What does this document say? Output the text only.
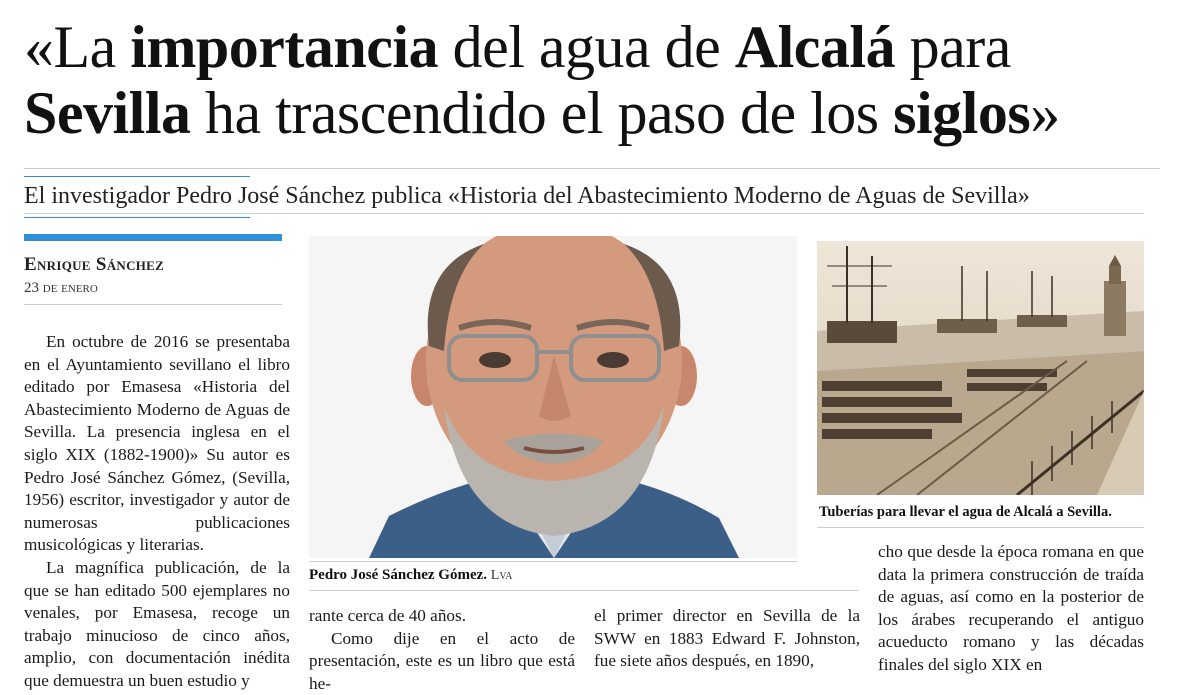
«La importancia del agua de Alcalá para
Sevilla ha trascendido el paso de los siglos»
El investigador Pedro José Sánchez publica «Historia del Abastecimiento Moderno de Aguas de Sevilla»
Enrique Sánchez
23 de enero

En octubre de 2016 se presentaba en el Ayuntamiento sevillano el libro editado por Emasesa «Historia del Abastecimiento Moderno de Aguas de Sevilla. La presencia inglesa en el siglo XIX (1882-1900)» Su autor es Pedro José Sánchez Gómez, (Sevilla, 1956) escritor, investigador y autor de numerosas publicaciones musicológicas y literarias.

La magnífica publicación, de la que se han editado 500 ejemplares no venales, por Emasesa, recoge un trabajo minucioso de cinco años, amplio, con documentación inédita que demuestra un buen estudio y

Pedro José Sánchez Gómez. Lva

rante cerca de 40 años.

Como dije en el acto de presentación, este es un libro que está he-

el primer director en Sevilla de la SWW en 1883 Edward F. Johnston, fue siete años después, en 1890,

Tuberías para llevar el agua de Alcalá a Sevilla.

cho que desde la época romana en que data la primera construcción de traída de aguas, así como en la posterior de los árabes recuperando el antiguo acueducto romano y las décadas finales del siglo XIX en
